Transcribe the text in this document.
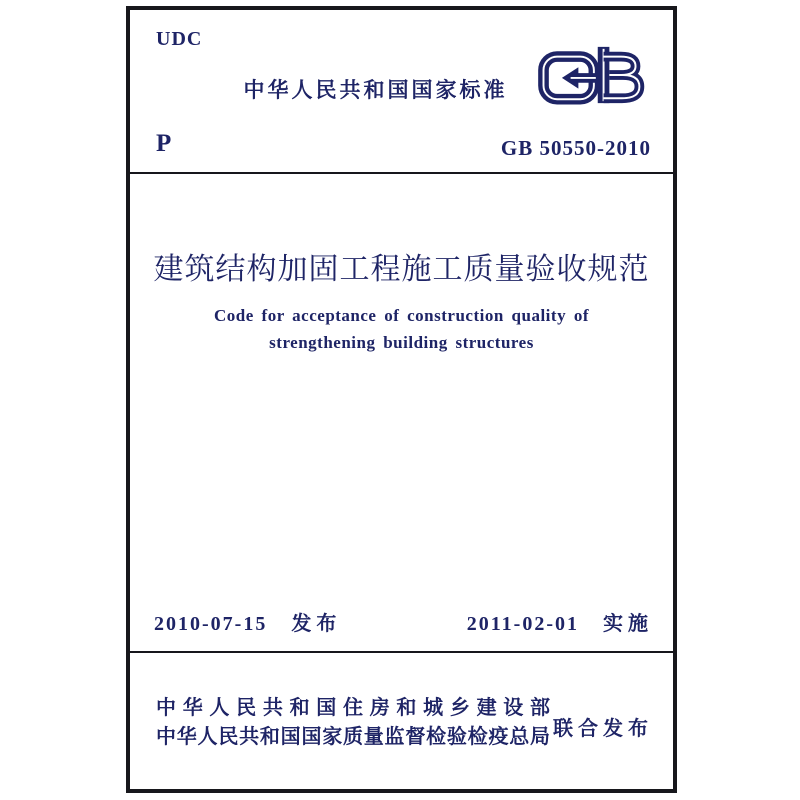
UDC
中华人民共和国国家标准
P	GB 50550-2010
建筑结构加固工程施工质量验收规范
Code for acceptance of construction quality of
strengthening building structures
2010-07-15 发布	2011-02-01 实施
中华人民共和国住房和城乡建设部
中华人民共和国国家质量监督检验检疫总局 联合发布
